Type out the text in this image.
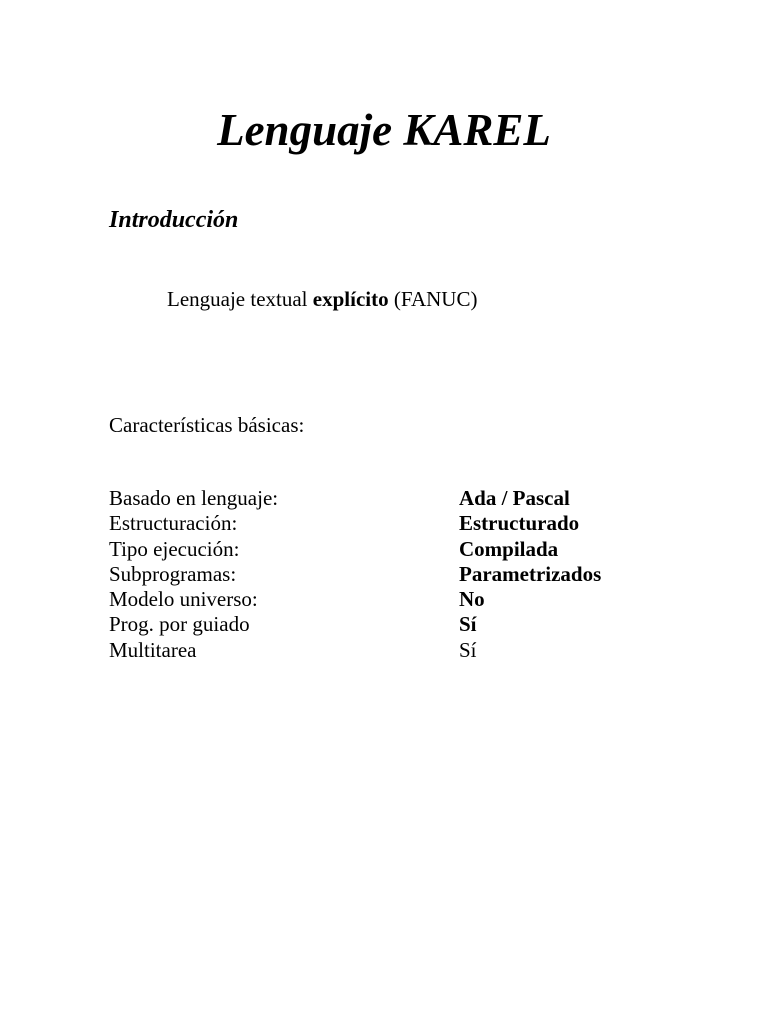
Lenguaje KAREL
Introducción

Lenguaje textual explícito (FANUC)

Características básicas:

Basado en lenguaje:	Ada / Pascal
Estructuración:	Estructurado
Tipo ejecución:	Compilada
Subprogramas:	Parametrizados
Modelo universo:	No
Prog. por guiado	Sí
Multitarea	Sí
